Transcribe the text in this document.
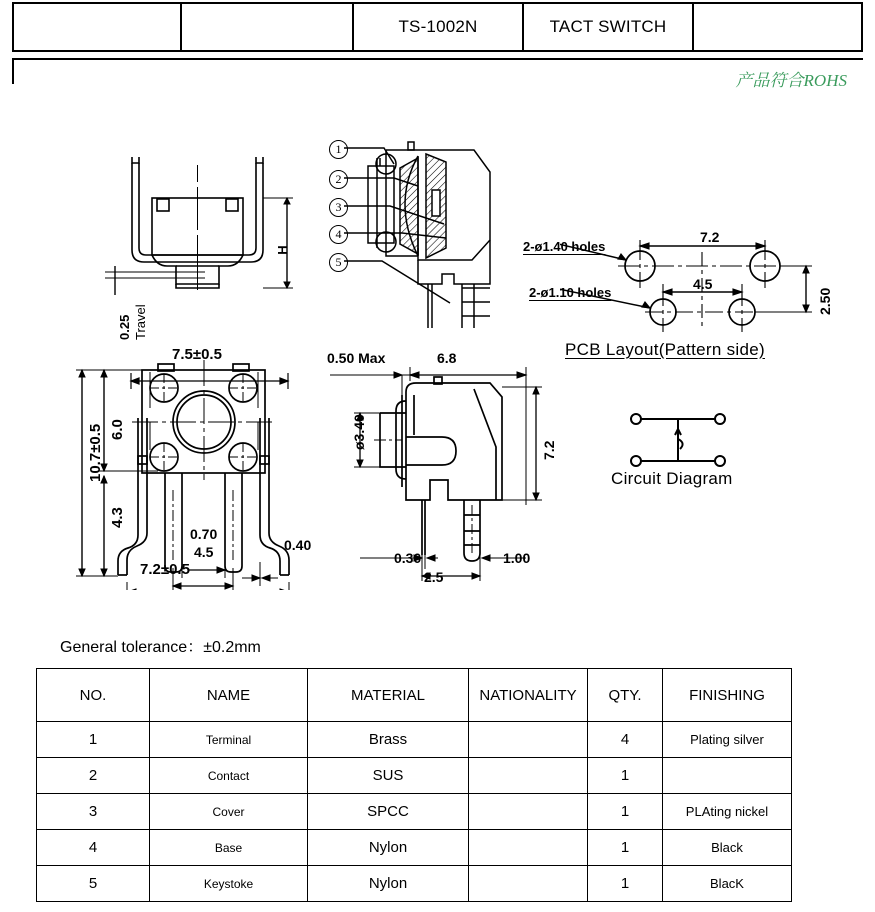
TS-1002N	TACT SWITCH
产品符合ROHS
H
0.25 Travel
7.5±0.5
1
2
3
4
5
2-ø1.40 holes
2-ø1.10 holes
7.2
4.5
2.50
PCB Layout(Pattern side)
Circuit Diagram
10.7±0.5 6.0
4.3
0.70
4.5	0.40
7.2±0.5
0.50 Max	6.8
ø3.40
7.2
0.30
2.5
1.00
General tolerance：±0.2mm
NO.	NAME	MATERIAL	NATIONALITY	QTY.	FINISHING
1	Terminal	Brass		4	Plating silver
2	Contact	SUS		1	
3	Cover	SPCC		1	PLAting nickel
4	Base	Nylon		1	Black
5	Keystoke	Nylon		1	BlacK
